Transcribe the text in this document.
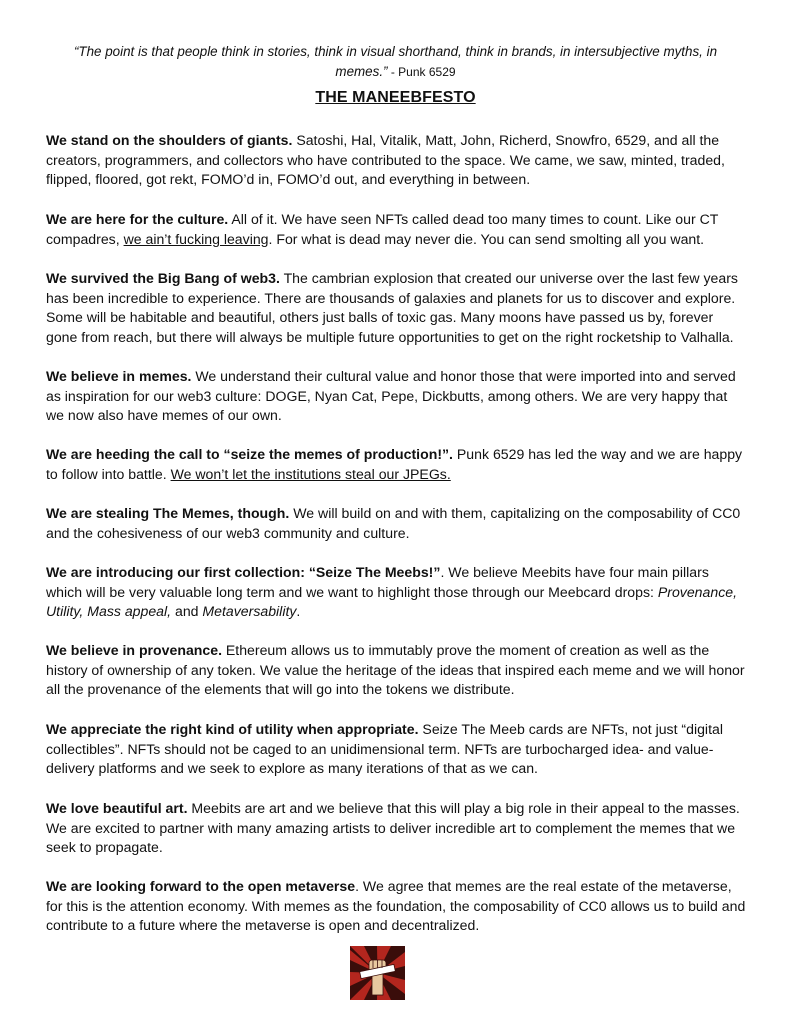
“The point is that people think in stories, think in visual shorthand, think in brands, in intersubjective myths, in memes.” - Punk 6529

THE MANEEBFESTO

We stand on the shoulders of giants. Satoshi, Hal, Vitalik, Matt, John, Richerd, Snowfro, 6529, and all the creators, programmers, and collectors who have contributed to the space. We came, we saw, minted, traded, flipped, floored, got rekt, FOMO’d in, FOMO’d out, and everything in between.

We are here for the culture. All of it. We have seen NFTs called dead too many times to count. Like our CT compadres, we ain’t fucking leaving. For what is dead may never die. You can send smolting all you want.

We survived the Big Bang of web3. The cambrian explosion that created our universe over the last few years has been incredible to experience. There are thousands of galaxies and planets for us to discover and explore. Some will be habitable and beautiful, others just balls of toxic gas. Many moons have passed us by, forever gone from reach, but there will always be multiple future opportunities to get on the right rocketship to Valhalla.

We believe in memes. We understand their cultural value and honor those that were imported into and served as inspiration for our web3 culture: DOGE, Nyan Cat, Pepe, Dickbutts, among others. We are very happy that we now also have memes of our own.

We are heeding the call to “seize the memes of production!”. Punk 6529 has led the way and we are happy to follow into battle. We won’t let the institutions steal our JPEGs.

We are stealing The Memes, though. We will build on and with them, capitalizing on the composability of CC0 and the cohesiveness of our web3 community and culture.

We are introducing our first collection: “Seize The Meebs!”. We believe Meebits have four main pillars which will be very valuable long term and we want to highlight those through our Meebcard drops: Provenance, Utility, Mass appeal, and Metaversability.

We believe in provenance. Ethereum allows us to immutably prove the moment of creation as well as the history of ownership of any token. We value the heritage of the ideas that inspired each meme and we will honor all the provenance of the elements that will go into the tokens we distribute.

We appreciate the right kind of utility when appropriate. Seize The Meeb cards are NFTs, not just “digital collectibles”. NFTs should not be caged to an unidimensional term. NFTs are turbocharged idea- and value-delivery platforms and we seek to explore as many iterations of that as we can.

We love beautiful art. Meebits are art and we believe that this will play a big role in their appeal to the masses. We are excited to partner with many amazing artists to deliver incredible art to complement the memes that we seek to propagate.

We are looking forward to the open metaverse. We agree that memes are the real estate of the metaverse, for this is the attention economy. With memes as the foundation, the composability of CC0 allows us to build and contribute to a future where the metaverse is open and decentralized.
